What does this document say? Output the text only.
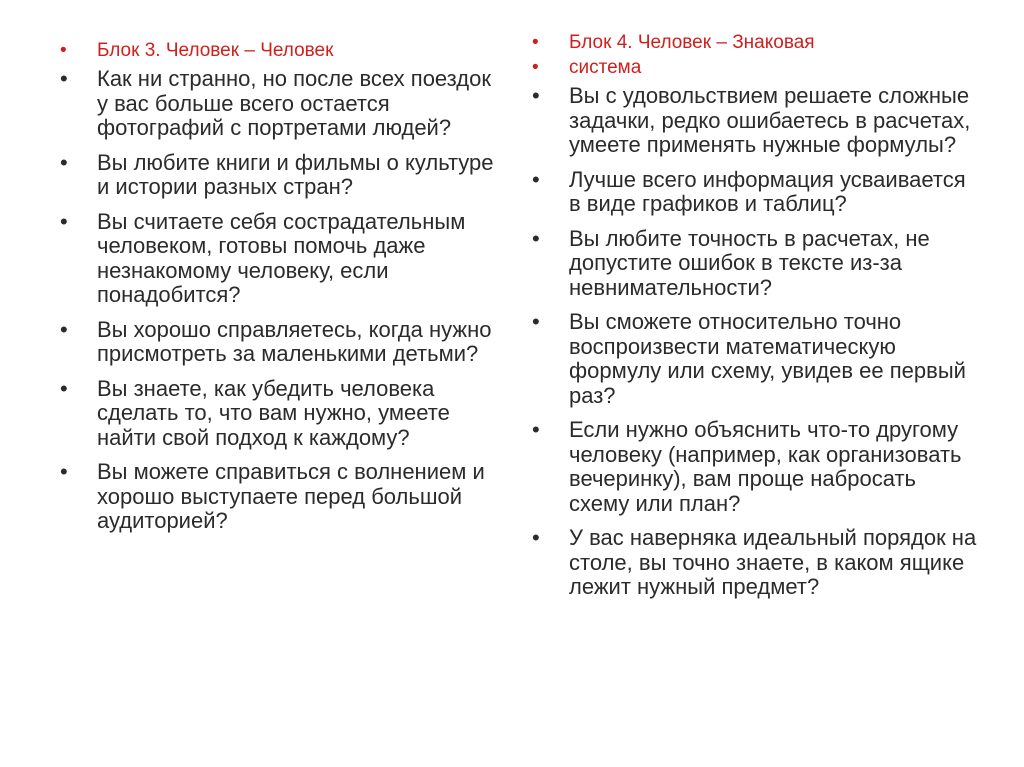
• Блок 3. Человек – Человек
• Как ни странно, но после всех поездок у вас больше всего остается фотографий с портретами людей?
• Вы любите книги и фильмы о культуре и истории разных стран?
• Вы считаете себя сострадательным человеком, готовы помочь даже незнакомому человеку, если понадобится?
• Вы хорошо справляетесь, когда нужно присмотреть за маленькими детьми?
• Вы знаете, как убедить человека сделать то, что вам нужно, умеете найти свой подход к каждому?
• Вы можете справиться с волнением и хорошо выступаете перед большой аудиторией?
• Блок 4. Человек – Знаковая
• система
• Вы с удовольствием решаете сложные задачки, редко ошибаетесь в расчетах, умеете применять нужные формулы?
• Лучше всего информация усваивается в виде графиков и таблиц?
• Вы любите точность в расчетах, не допустите ошибок в тексте из-за невнимательности?
• Вы сможете относительно точно воспроизвести математическую формулу или схему, увидев ее первый раз?
• Если нужно объяснить что-то другому человеку (например, как организовать вечеринку), вам проще набросать схему или план?
• У вас наверняка идеальный порядок на столе, вы точно знаете, в каком ящике лежит нужный предмет?
